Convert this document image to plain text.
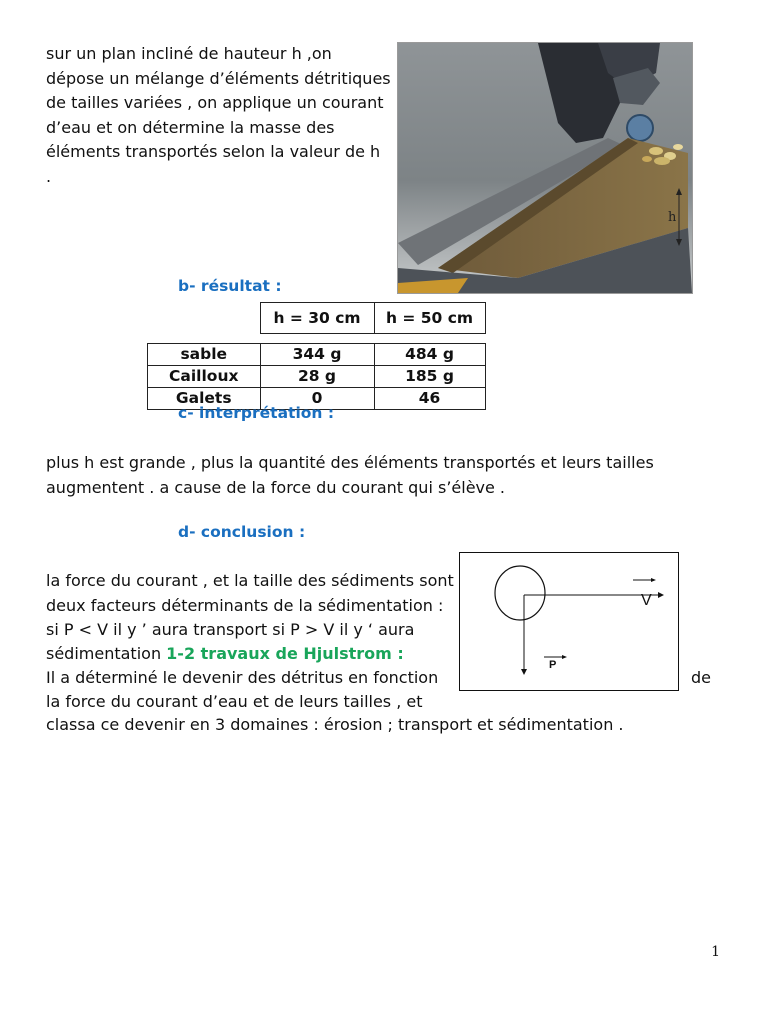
sur un plan incliné de hauteur h ,on
dépose un mélange d’éléments détritiques
de tailles variées , on applique un courant
d’eau et on détermine la masse des
éléments transportés selon la valeur de h
.

h
b- résultat :
	h = 30 cm	h = 50 cm

sable	344 g	484 g
Cailloux	28 g	185 g
Galets	0	46
c- interprétation :

plus h est grande , plus la quantité des éléments transportés et leurs tailles

augmentent . a cause de la force du courant qui s’élève .

d- conclusion :

la force du courant , et la taille des sédiments sont

deux facteurs déterminants de la sédimentation :

si P < V il y ’ aura transport si P > V il y ‘ aura

sédimentation 1-2 travaux de Hjulstrom :

Il a déterminé le devenir des détritus en fonction	de

la force du courant d’eau et de leurs tailles , et

classa ce devenir en 3 domaines : érosion ; transport et sédimentation .

V
P
1
